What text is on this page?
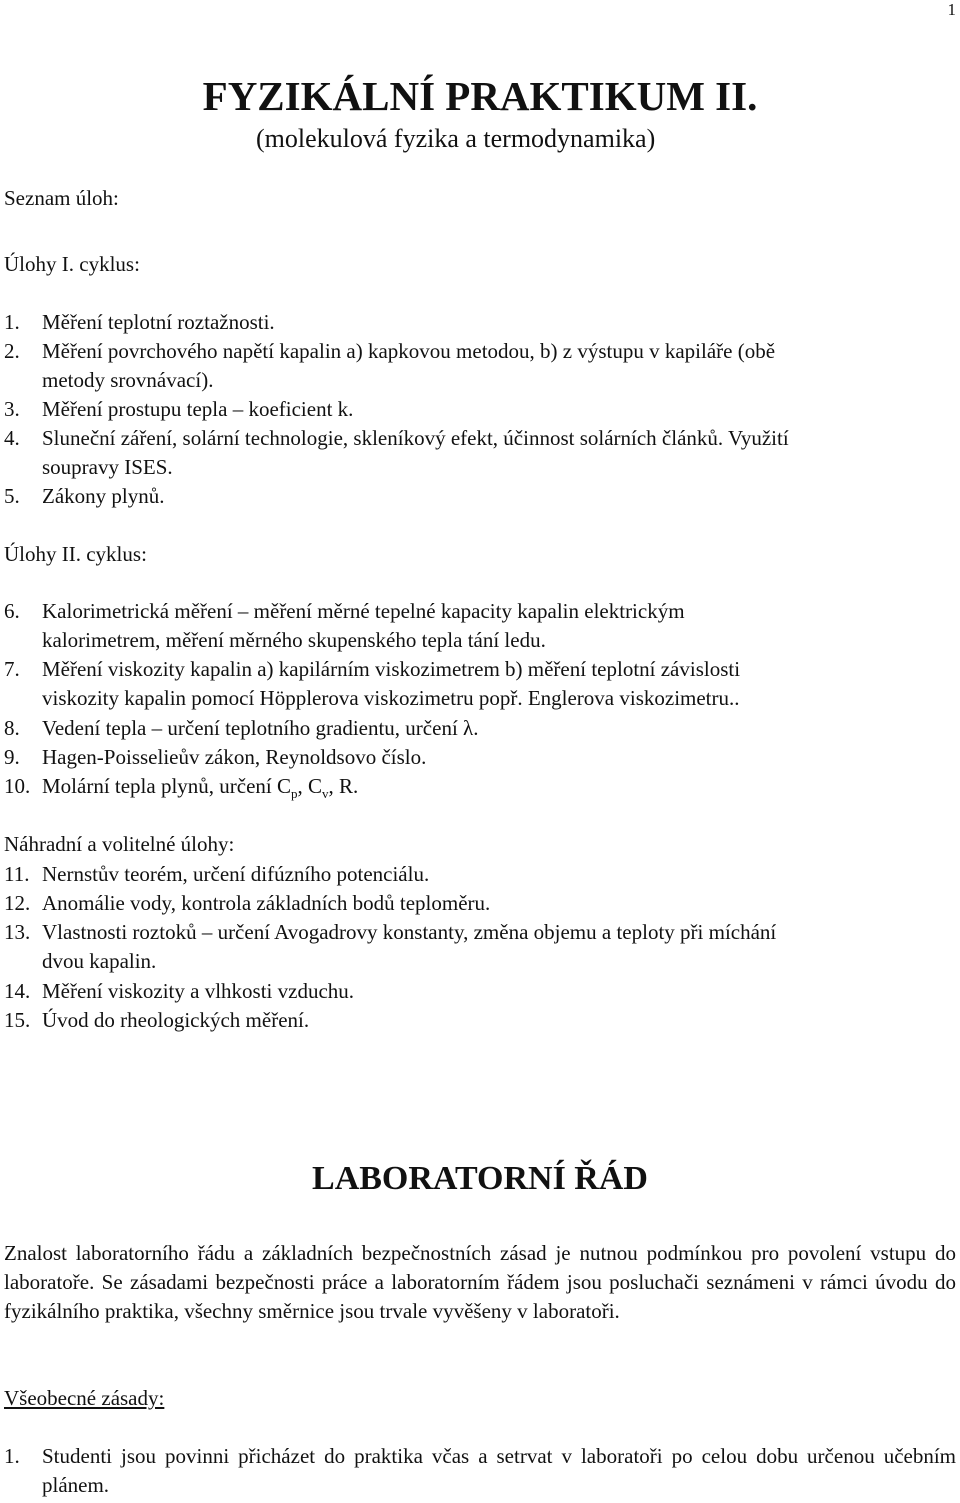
1
FYZIKÁLNÍ PRAKTIKUM II.
(molekulová fyzika a termodynamika)
Seznam úloh:
Úlohy I. cyklus:
1. Měření teplotní roztažnosti.
2. Měření povrchového napětí kapalin a) kapkovou metodou, b) z výstupu v kapiláře (obě
metody srovnávací).
3. Měření prostupu tepla – koeficient k.
4. Sluneční záření, solární technologie, skleníkový efekt, účinnost solárních článků. Využití
soupravy ISES.
5. Zákony plynů.
Úlohy II. cyklus:
6. Kalorimetrická měření – měření měrné tepelné kapacity kapalin elektrickým
kalorimetrem, měření měrného skupenského tepla tání ledu.
7. Měření viskozity kapalin a) kapilárním viskozimetrem b) měření teplotní závislosti
viskozity kapalin pomocí Höpplerova viskozimetru popř. Englerova viskozimetru..
8. Vedení tepla – určení teplotního gradientu, určení λ.
9. Hagen-Poisselieův zákon, Reynoldsovo číslo.
10. Molární tepla plynů, určení $C_p$, $C_v$, R.
Náhradní a volitelné úlohy:
11. Nernstův teorém, určení difúzního potenciálu.
12. Anomálie vody, kontrola základních bodů teploměru.
13. Vlastnosti roztoků – určení Avogadrovy konstanty, změna objemu a teploty při míchání
dvou kapalin.
14. Měření viskozity a vlhkosti vzduchu.
15. Úvod do rheologických měření.
LABORATORNÍ ŘÁD
Znalost laboratorního řádu a základních bezpečnostních zásad je nutnou podmínkou pro povolení vstupu do laboratoře. Se zásadami bezpečnosti práce a laboratorním řádem jsou posluchači seznámeni v rámci úvodu do fyzikálního praktika, všechny směrnice jsou trvale vyvěšeny v laboratoři.
Všeobecné zásady:
1. Studenti jsou povinni přicházet do praktika včas a setrvat v laboratoři po celou dobu určenou učebním plánem.
